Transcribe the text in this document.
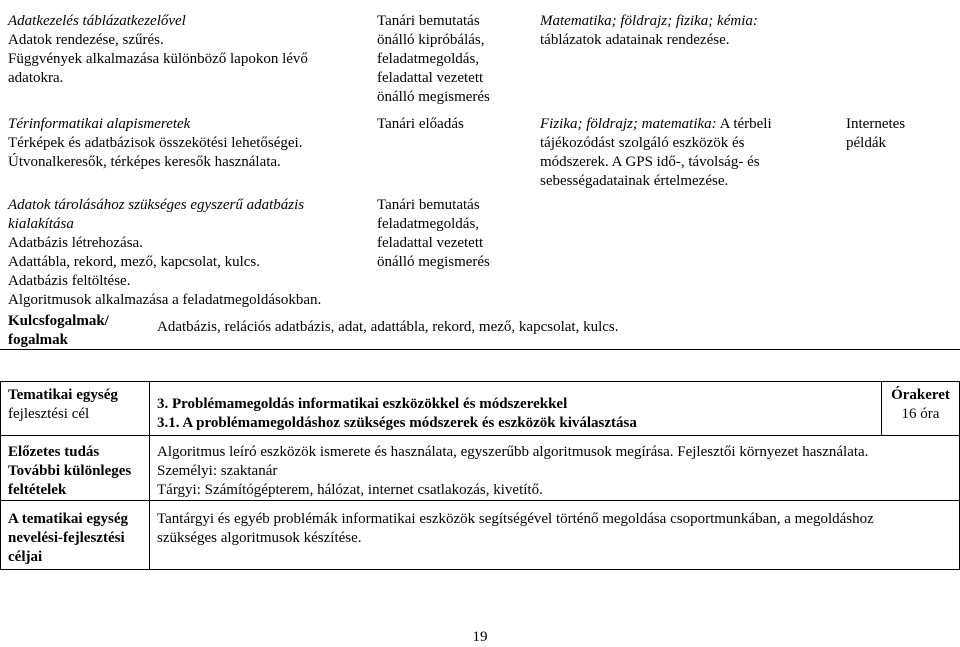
Adatkezelés táblázatkezelővel
Adatok rendezése, szűrés.
Függvények alkalmazása különböző lapokon lévő
adatokra.
Tanári bemutatás
önálló kipróbálás,
feladatmegoldás,
feladattal vezetett
önálló megismerés
Matematika; földrajz; fizika; kémia:
táblázatok adatainak rendezése.
Térinformatikai alapismeretek
Térképek és adatbázisok összekötési lehetőségei.
Útvonalkeresők, térképes keresők használata.
Tanári előadás	Fizika; földrajz; matematika: A térbeli
tájékozódást szolgáló eszközök és
módszerek. A GPS idő-, távolság- és
sebességadatainak értelmezése.
Internetes
példák
Adatok tárolásához szükséges egyszerű adatbázis
kialakítása
Adatbázis létrehozása.
Adattábla, rekord, mező, kapcsolat, kulcs.
Adatbázis feltöltése.
Algoritmusok alkalmazása a feladatmegoldásokban.
Tanári bemutatás
feladatmegoldás,
feladattal vezetett
önálló megismerés
Kulcsfogalmak/
fogalmak
Adatbázis, relációs adatbázis, adat, adattábla, rekord, mező, kapcsolat, kulcs.
Tematikai egység
fejlesztési cél
3. Problémamegoldás informatikai eszközökkel és módszerekkel
3.1. A problémamegoldáshoz szükséges módszerek és eszközök kiválasztása
Órakeret
16 óra
Előzetes tudás
További különleges
feltételek
Algoritmus leíró eszközök ismerete és használata, egyszerűbb algoritmusok megírása. Fejlesztői környezet használata.
Személyi: szaktanár
Tárgyi: Számítógépterem, hálózat, internet csatlakozás, kivetítő.
A tematikai egység
nevelési-fejlesztési
céljai
Tantárgyi és egyéb problémák informatikai eszközök segítségével történő megoldása csoportmunkában, a megoldáshoz
szükséges algoritmusok készítése.
19
